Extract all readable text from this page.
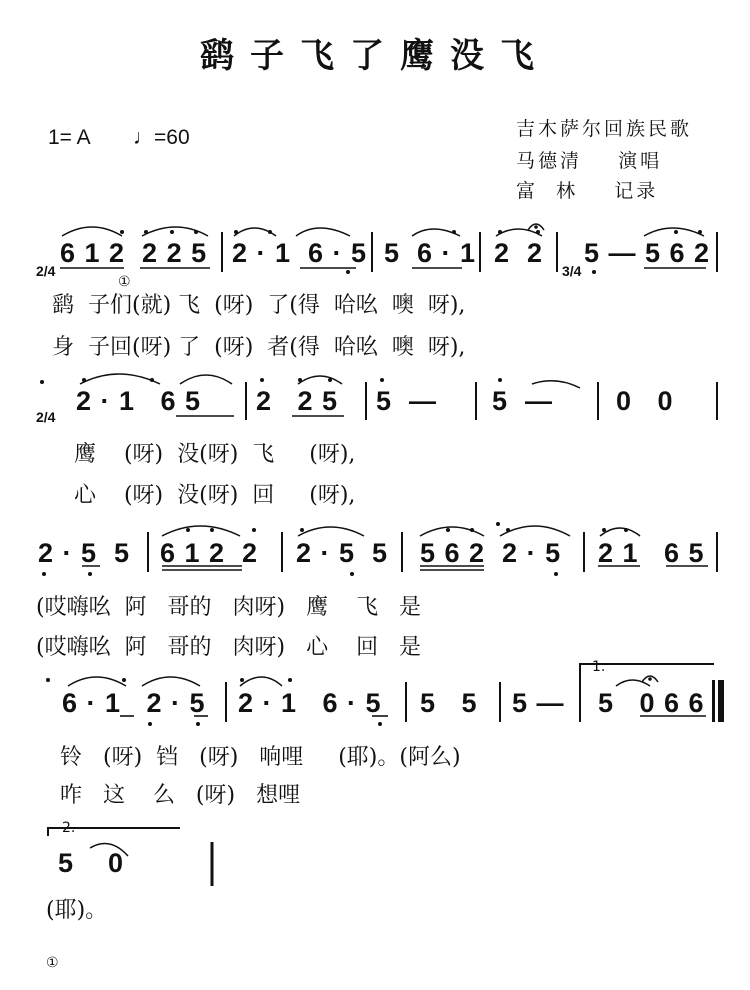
鹞子飞了鹰没飞
1= A ♩=60	吉木萨尔回族民歌
马德清    演唱
富  林    记录

2/4

	3/4

2/4

6 1 2  2 2 5 2 · 1  6 · 5 5  6 · 1 2  2 5 — 5 6 2
①
鹞  子们(就) 飞  (呀)  了(得  哈吆  噢  呀),
身  子回(呀) 了  (呀)  者(得  哈吆  噢  呀),
2 · 1   6 5 2   2 5 5  — 5  — 0   0
鹰    (呀)  没(呀)  飞     (呀),
心    (呀)  没(呀)  回     (呀),
2 · 5  5 6 1 2  2 2 · 5  5 5 6 2  2 · 5 2 1   6 5
(哎嗨吆  阿   哥的   肉呀)   鹰    飞   是
(哎嗨吆  阿   哥的   肉呀)   心    回   是
6 · 1   2 · 5 2 · 1   6 · 5 5   5 5 — 5   0 6 6
1.
铃   (呀)  铛   (呀)   响哩     (耶)。(阿么)
咋   这    么   (呀)   想哩
2.
5    0
(耶)。
①
